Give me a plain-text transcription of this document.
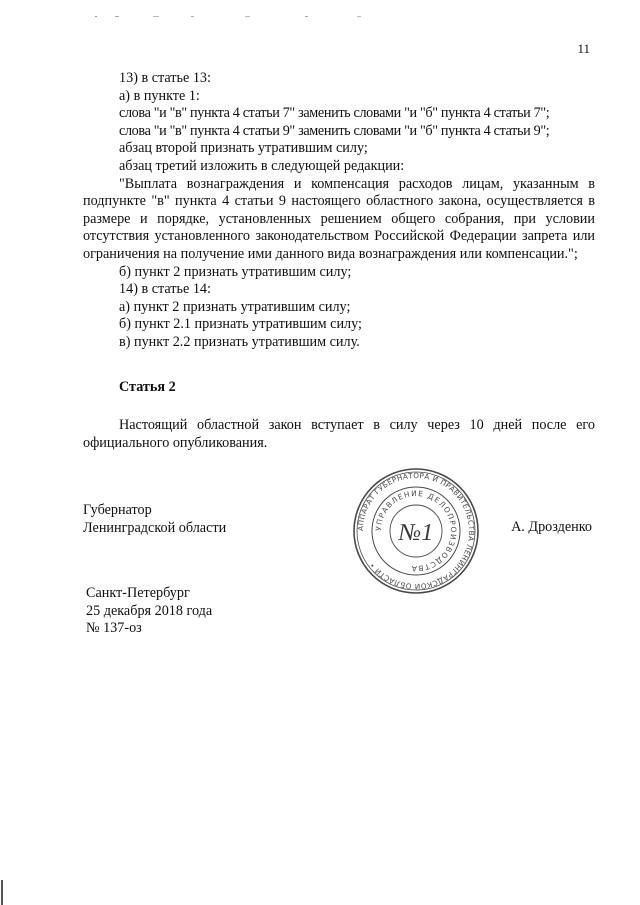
11

13) в статье 13:

а) в пункте 1:

слова "и "в" пункта 4 статьи 7" заменить словами "и "б" пункта 4 статьи 7";

слова "и "в" пункта 4 статьи 9" заменить словами "и "б" пункта 4 статьи 9";

абзац второй признать утратившим силу;

абзац третий изложить в следующей редакции:

"Выплата вознаграждения и компенсация расходов лицам, указанным в подпункте "в" пункта 4 статьи 9 настоящего областного закона, осуществляется в размере и порядке, установленных решением общего собрания, при условии отсутствия установленного законодательством Российской Федерации запрета или ограничения на получение ими данного вида вознаграждения или компенсации.";

б) пункт 2 признать утратившим силу;

14) в статье 14:

а) пункт 2 признать утратившим силу;

б) пункт 2.1 признать утратившим силу;

в) пункт 2.2 признать утратившим силу.

Статья 2

Настоящий областной закон вступает в силу через 10 дней после его официального опубликования.

Губернатор
Ленинградской области	АППАРАТ ГУБЕРНАТОРА И ПРАВИТЕЛЬСТВА ЛЕНИНГРАДСКОЙ ОБЛАСТИ •
УПРАВЛЕНИЕ ДЕЛОПРОИЗВОДСТВА
№1	А. Дрозденко
Санкт-Петербург
25 декабря 2018 года
№ 137-оз
